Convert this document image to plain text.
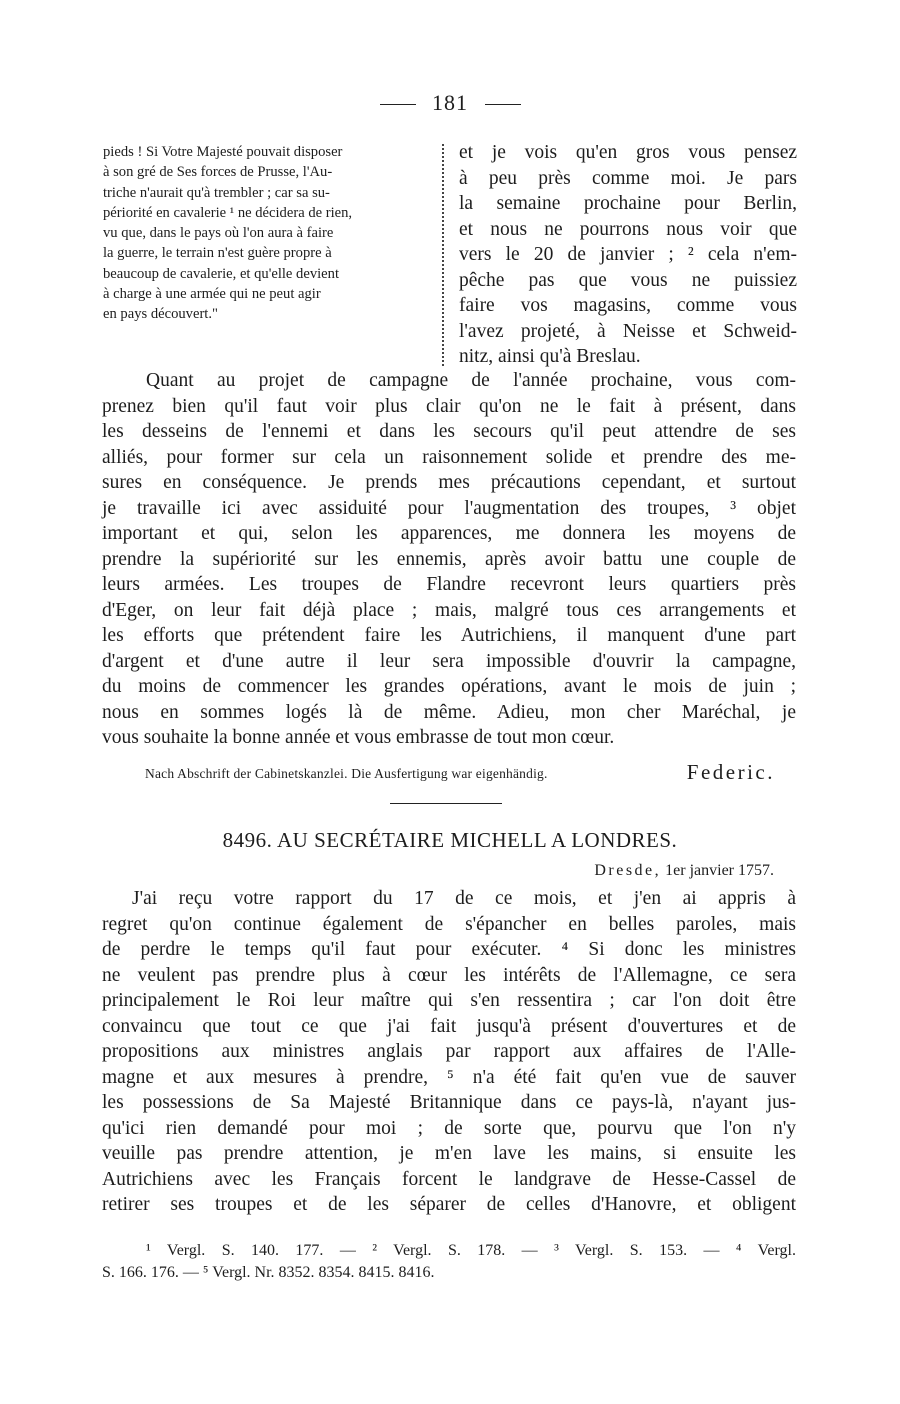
181
pieds ! Si Votre Majesté pouvait disposer
à son gré de Ses forces de Prusse, l'Au-
triche n'aurait qu'à trembler ; car sa su-
périorité en cavalerie ¹ ne décidera de rien,
vu que, dans le pays où l'on aura à faire
la guerre, le terrain n'est guère propre à
beaucoup de cavalerie, et qu'elle devient
à charge à une armée qui ne peut agir
en pays découvert."
et je vois qu'en gros vous pensez
à peu près comme moi. Je pars
la semaine prochaine pour Berlin,
et nous ne pourrons nous voir que
vers le 20 de janvier ; ² cela n'em-
pêche pas que vous ne puissiez
faire vos magasins, comme vous
l'avez projeté, à Neisse et Schweid-
nitz, ainsi qu'à Breslau.
Quant au projet de campagne de l'année prochaine, vous com-
prenez bien qu'il faut voir plus clair qu'on ne le fait à présent, dans
les desseins de l'ennemi et dans les secours qu'il peut attendre de ses
alliés, pour former sur cela un raisonnement solide et prendre des me-
sures en conséquence. Je prends mes précautions cependant, et surtout
je travaille ici avec assiduité pour l'augmentation des troupes, ³ objet
important et qui, selon les apparences, me donnera les moyens de
prendre la supériorité sur les ennemis, après avoir battu une couple de
leurs armées. Les troupes de Flandre recevront leurs quartiers près
d'Eger, on leur fait déjà place ; mais, malgré tous ces arrangements et
les efforts que prétendent faire les Autrichiens, il manquent d'une part
d'argent et d'une autre il leur sera impossible d'ouvrir la campagne,
du moins de commencer les grandes opérations, avant le mois de juin ;
nous en sommes logés là de même. Adieu, mon cher Maréchal, je
vous souhaite la bonne année et vous embrasse de tout mon cœur.
Nach Abschrift der Cabinetskanzlei. Die Ausfertigung war eigenhändig.	Federic.
8496. AU SECRÉTAIRE MICHELL A LONDRES.
Dresde, 1er janvier 1757.
J'ai reçu votre rapport du 17 de ce mois, et j'en ai appris à
regret qu'on continue également de s'épancher en belles paroles, mais
de perdre le temps qu'il faut pour exécuter. ⁴ Si donc les ministres
ne veulent pas prendre plus à cœur les intérêts de l'Allemagne, ce sera
principalement le Roi leur maître qui s'en ressentira ; car l'on doit être
convaincu que tout ce que j'ai fait jusqu'à présent d'ouvertures et de
propositions aux ministres anglais par rapport aux affaires de l'Alle-
magne et aux mesures à prendre, ⁵ n'a été fait qu'en vue de sauver
les possessions de Sa Majesté Britannique dans ce pays-là, n'ayant jus-
qu'ici rien demandé pour moi ; de sorte que, pourvu que l'on n'y
veuille pas prendre attention, je m'en lave les mains, si ensuite les
Autrichiens avec les Français forcent le landgrave de Hesse-Cassel de
retirer ses troupes et de les séparer de celles d'Hanovre, et obligent
¹ Vergl. S. 140. 177. — ² Vergl. S. 178. — ³ Vergl. S. 153. — ⁴ Vergl.
S. 166. 176. — ⁵ Vergl. Nr. 8352. 8354. 8415. 8416.
